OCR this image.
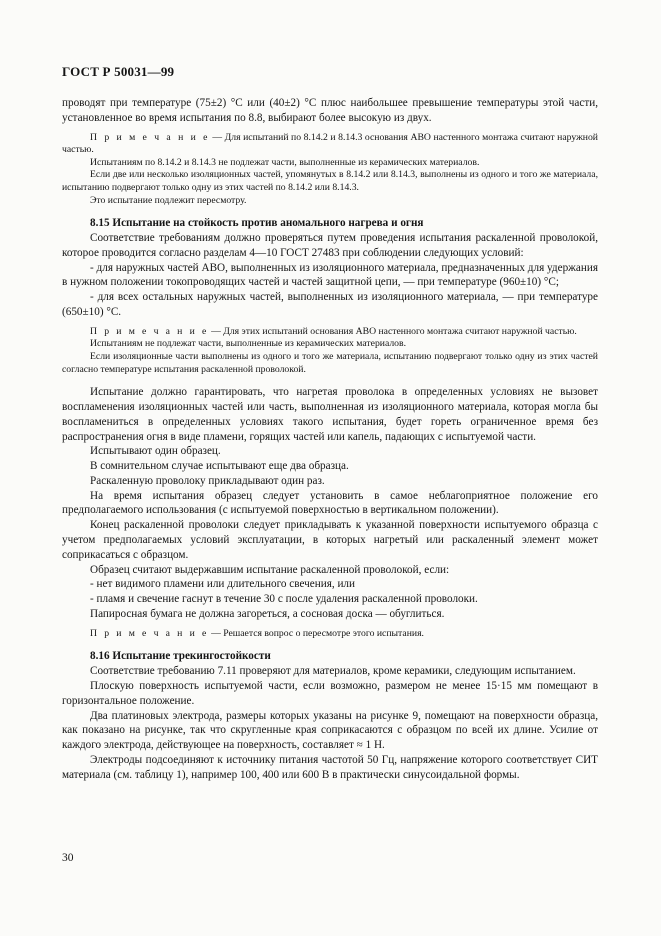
ГОСТ Р 50031—99

проводят при температуре (75±2) °С или (40±2) °С плюс наибольшее превышение температуры этой части, установленное во время испытания по 8.8, выбирают более высокую из двух.

П р и м е ч а н и е — Для испытаний по 8.14.2 и 8.14.3 основания АВО настенного монтажа считают наружной частью.

Испытаниям по 8.14.2 и 8.14.3 не подлежат части, выполненные из керамических материалов.

Если две или несколько изоляционных частей, упомянутых в 8.14.2 или 8.14.3, выполнены из одного и того же материала, испытанию подвергают только одну из этих частей по 8.14.2 или 8.14.3.

Это испытание подлежит пересмотру.

8.15 Испытание на стойкость против аномального нагрева и огня

Соответствие требованиям должно проверяться путем проведения испытания раскаленной проволокой, которое проводится согласно разделам 4—10 ГОСТ 27483 при соблюдении следующих условий:

- для наружных частей АВО, выполненных из изоляционного материала, предназначенных для удержания в нужном положении токопроводящих частей и частей защитной цепи, — при температуре (960±10) °С;

- для всех остальных наружных частей, выполненных из изоляционного материала, — при температуре (650±10) °С.

П р и м е ч а н и е — Для этих испытаний основания АВО настенного монтажа считают наружной частью.

Испытаниям не подлежат части, выполненные из керамических материалов.

Если изоляционные части выполнены из одного и того же материала, испытанию подвергают только одну из этих частей согласно температуре испытания раскаленной проволокой.

Испытание должно гарантировать, что нагретая проволока в определенных условиях не вызовет воспламенения изоляционных частей или часть, выполненная из изоляционного материала, которая могла бы воспламениться в определенных условиях такого испытания, будет гореть ограниченное время без распространения огня в виде пламени, горящих частей или капель, падающих с испытуемой части.

Испытывают один образец.

В сомнительном случае испытывают еще два образца.

Раскаленную проволоку прикладывают один раз.

На время испытания образец следует установить в самое неблагоприятное положение его предполагаемого использования (с испытуемой поверхностью в вертикальном положении).

Конец раскаленной проволоки следует прикладывать к указанной поверхности испытуемого образца с учетом предполагаемых условий эксплуатации, в которых нагретый или раскаленный элемент может соприкасаться с образцом.

Образец считают выдержавшим испытание раскаленной проволокой, если:

- нет видимого пламени или длительного свечения, или

- пламя и свечение гаснут в течение 30 с после удаления раскаленной проволоки.

Папиросная бумага не должна загореться, а сосновая доска — обуглиться.

П р и м е ч а н и е — Решается вопрос о пересмотре этого испытания.

8.16 Испытание трекингостойкости

Соответствие требованию 7.11 проверяют для материалов, кроме керамики, следующим испытанием.

Плоскую поверхность испытуемой части, если возможно, размером не менее 15·15 мм помещают в горизонтальное положение.

Два платиновых электрода, размеры которых указаны на рисунке 9, помещают на поверхности образца, как показано на рисунке, так что скругленные края соприкасаются с образцом по всей их длине. Усилие от каждого электрода, действующее на поверхность, составляет ≈ 1 Н.

Электроды подсоединяют к источнику питания частотой 50 Гц, напряжение которого соответствует СИТ материала (см. таблицу 1), например 100, 400 или 600 В в практически синусоидальной формы.

30
